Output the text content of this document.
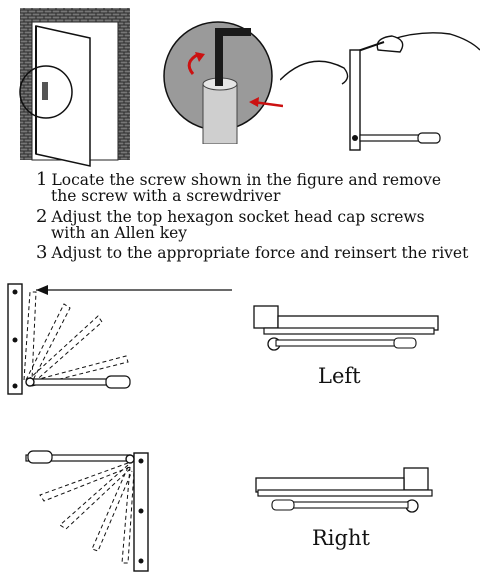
1 Locate the screw shown in the figure and remove
the screw with a screwdriver
2 Adjust the top hexagon socket head cap screws
with an Allen key
3 Adjust to the appropriate force and reinsert the rivet
Left
Right
